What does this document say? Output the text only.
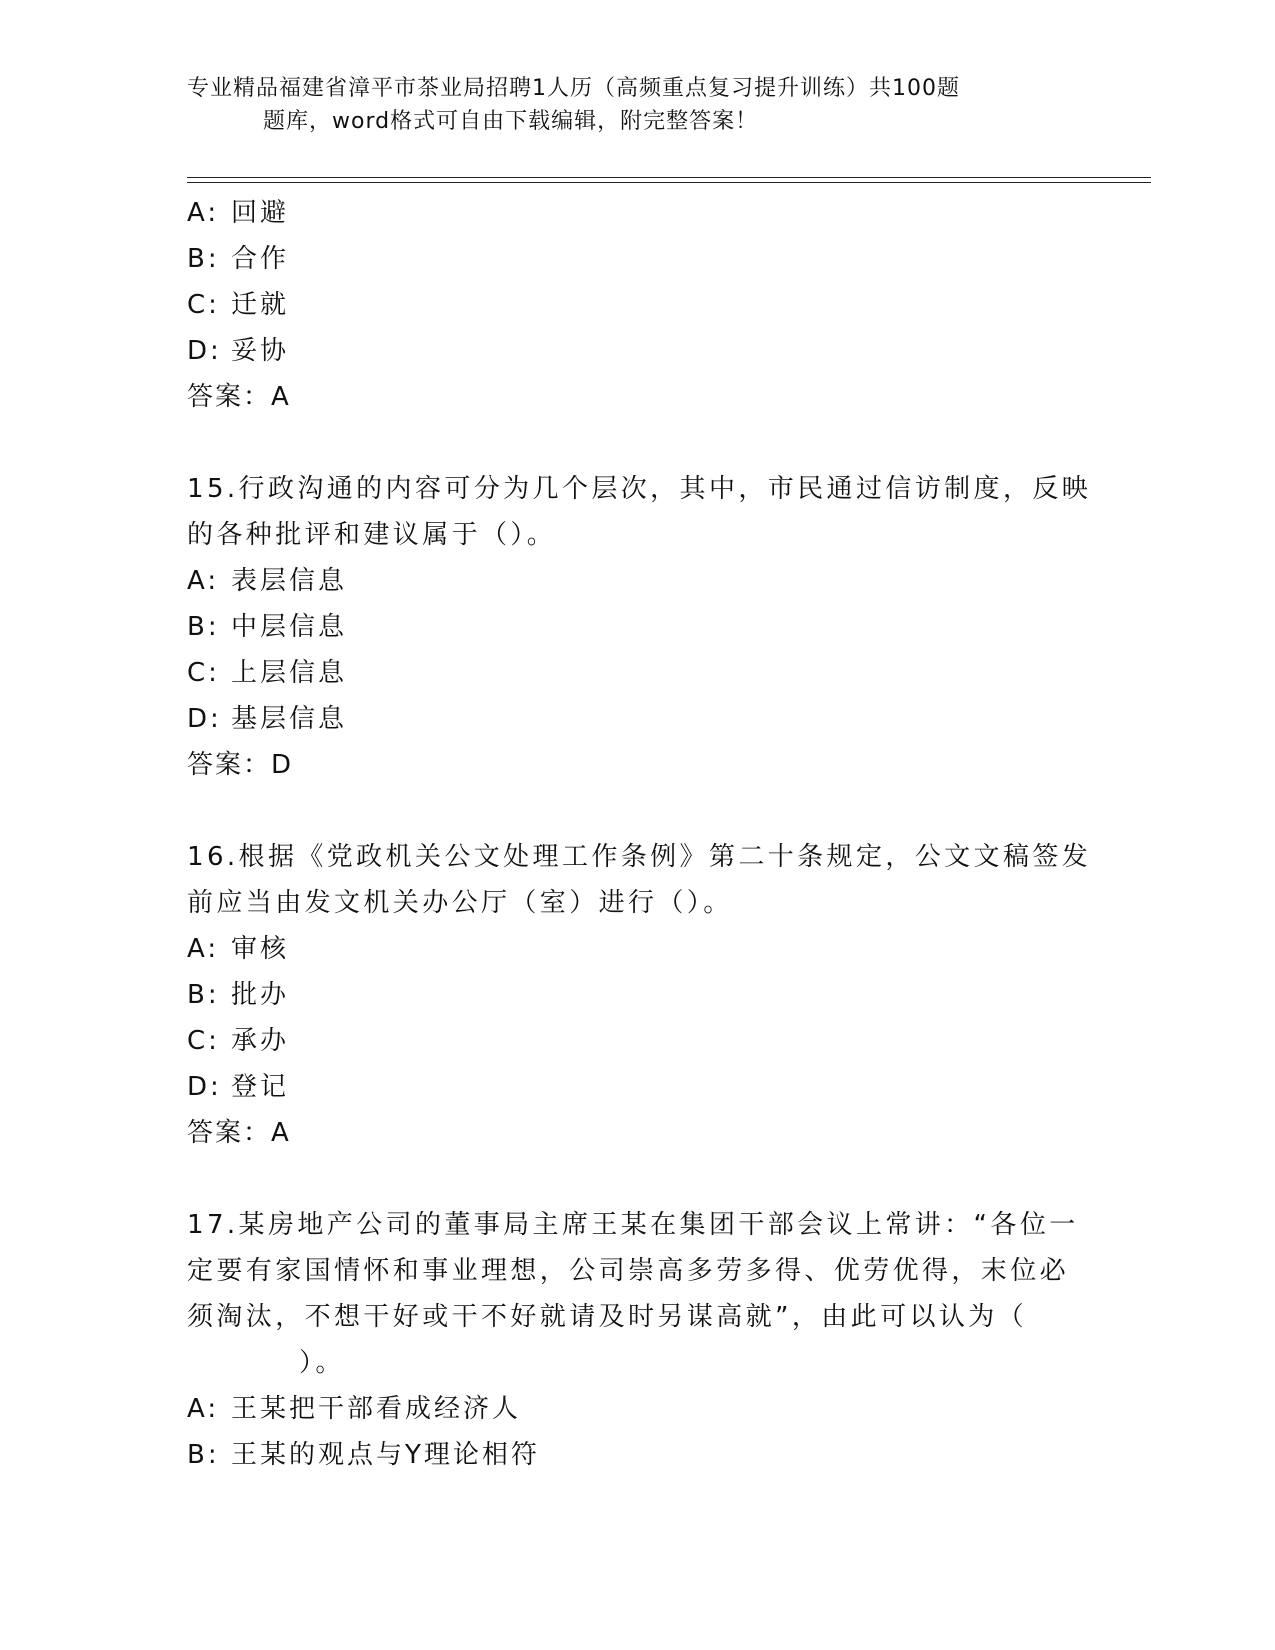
专业精品福建省漳平市茶业局招聘1人历（高频重点复习提升训练）共100题

题库，word格式可自由下载编辑，附完整答案！
A: 回避
B: 合作
C: 迁就
D: 妥协
答案：A
15.行政沟通的内容可分为几个层次，其中，市民通过信访制度，反映
的各种批评和建议属于（）。
A: 表层信息
B: 中层信息
C: 上层信息
D: 基层信息
答案：D
16.根据《党政机关公文处理工作条例》第二十条规定，公文文稿签发
前应当由发文机关办公厅（室）进行（）。
A: 审核
B: 批办
C: 承办
D: 登记
答案：A
17.某房地产公司的董事局主席王某在集团干部会议上常讲：“各位一
定要有家国情怀和事业理想，公司崇高多劳多得、优劳优得，末位必
须淘汰，不想干好或干不好就请及时另谋高就”，由此可以认为（
）。
A: 王某把干部看成经济人
B: 王某的观点与Y理论相符
